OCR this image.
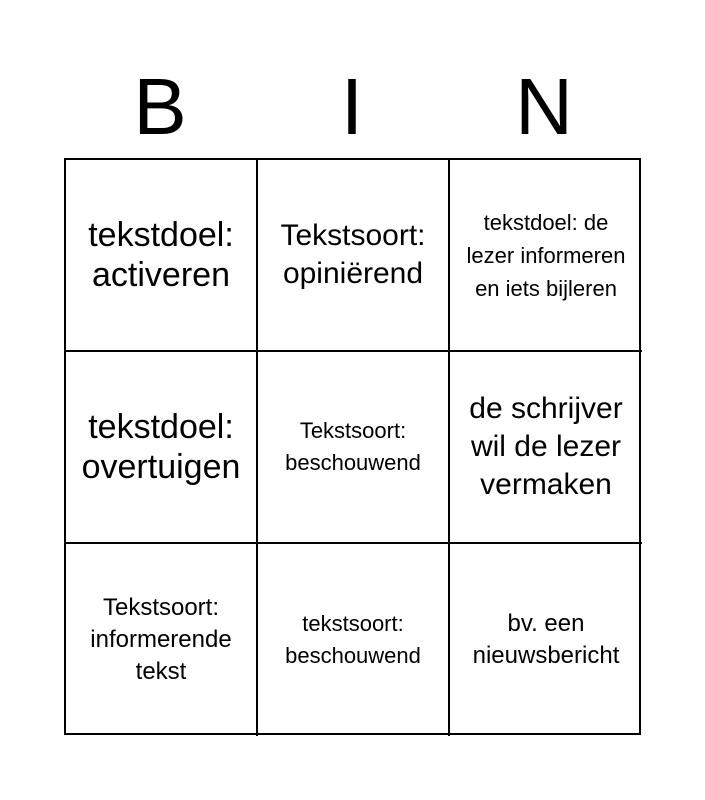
B	I	N
tekstdoel: activeren
Tekstsoort: opiniërend
tekstdoel: de lezer informeren en iets bijleren
tekstdoel: overtuigen
Tekstsoort: beschouwend
de schrijver wil de lezer vermaken
Tekstsoort: informerende tekst
tekstsoort: beschouwend
bv. een nieuwsbericht
